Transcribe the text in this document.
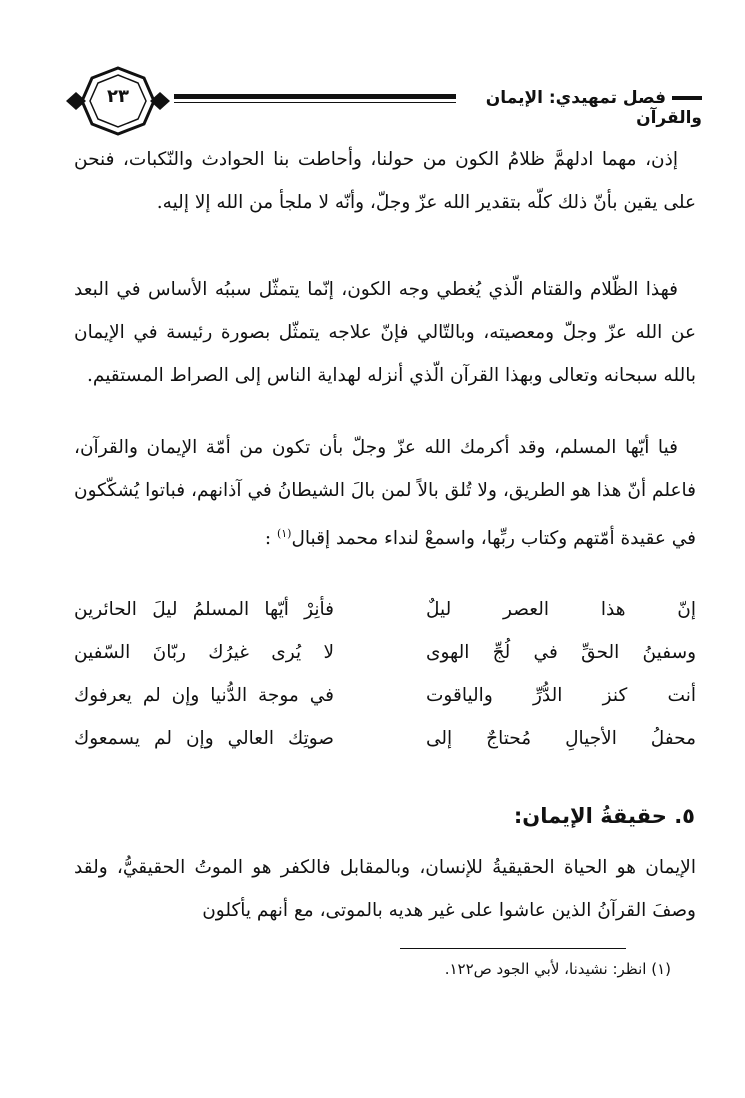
٢٣	فصل تمهيدي: الإيمان والقرآن
إذن، مهما ادلهمَّ ظلامُ الكون من حولنا، وأحاطت بنا الحوادث والنّكبات، فنحن على يقين بأنّ ذلك كلّه بتقدير الله عزّ وجلّ، وأنّه لا ملجأ من الله إلا إليه.
فهذا الظّلام والقتام الّذي يُغطي وجه الكون، إنّما يتمثّل سببُه الأساس في البعد عن الله عزّ وجلّ ومعصيته، وبالتّالي فإنّ علاجه يتمثّل بصورة رئيسة في الإيمان بالله سبحانه وتعالى وبهذا القرآن الّذي أنزله لهداية الناس إلى الصراط المستقيم.
فيا أيّها المسلم، وقد أكرمك الله عزّ وجلّ بأن تكون من أمّة الإيمان والقرآن، فاعلم أنّ هذا هو الطريق، ولا تُلق بالاً لمن بالَ الشيطانُ في آذانهم، فباتوا يُشكّكون في عقيدة أمّتهم وكتاب ربِّها، واسمعْ لنداء محمد إقبال$^{(١)}$ :
إنّ هذا العصر ليلٌ
فأنِرْ أيّها المسلمُ ليلَ الحائرين
وسفينُ الحقِّ في لُجِّ الهوى
لا يُرى غيرُك ربّانَ السّفين
أنت كنز الدُّرِّ والياقوت
في موجة الدُّنيا وإن لم يعرفوك
محفلُ الأجيالِ مُحتاجٌ إلى
صوتِك العالي وإن لم يسمعوك
٥. حقيقةُ الإيمان:
الإيمان هو الحياة الحقيقيةُ للإنسان، وبالمقابل فالكفر هو الموتُ الحقيقيُّ، ولقد وصفَ القرآنُ الذين عاشوا على غير هديه بالموتى، مع أنهم يأكلون
(١) انظر: نشيدنا، لأبي الجود ص١٢٢.
